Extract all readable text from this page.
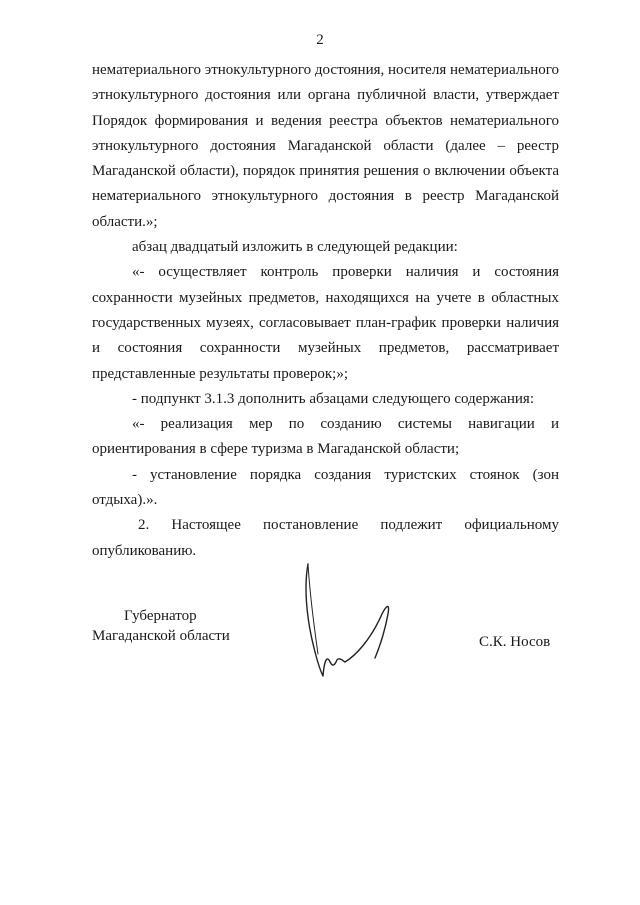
2

нематериального этнокультурного достояния, носителя нематериального этнокультурного достояния или органа публичной власти, утверждает Порядок формирования и ведения реестра объектов нематериального этнокультурного достояния Магаданской области (далее – реестр Магаданской области), порядок принятия решения о включении объекта нематериального этнокультурного достояния в реестр Магаданской области.»;

абзац двадцатый изложить в следующей редакции:

«- осуществляет контроль проверки наличия и состояния сохранности музейных предметов, находящихся на учете в областных государственных музеях, согласовывает план-график проверки наличия и состояния сохранности музейных предметов, рассматривает представленные результаты проверок;»;

- подпункт 3.1.3 дополнить абзацами следующего содержания:

«- реализация мер по созданию системы навигации и ориентирования в сфере туризма в Магаданской области;

- установление порядка создания туристских стоянок (зон отдыха).».

2. Настоящее постановление подлежит официальному опубликованию.

Губернатор
Магаданской области	С.К. Носов
